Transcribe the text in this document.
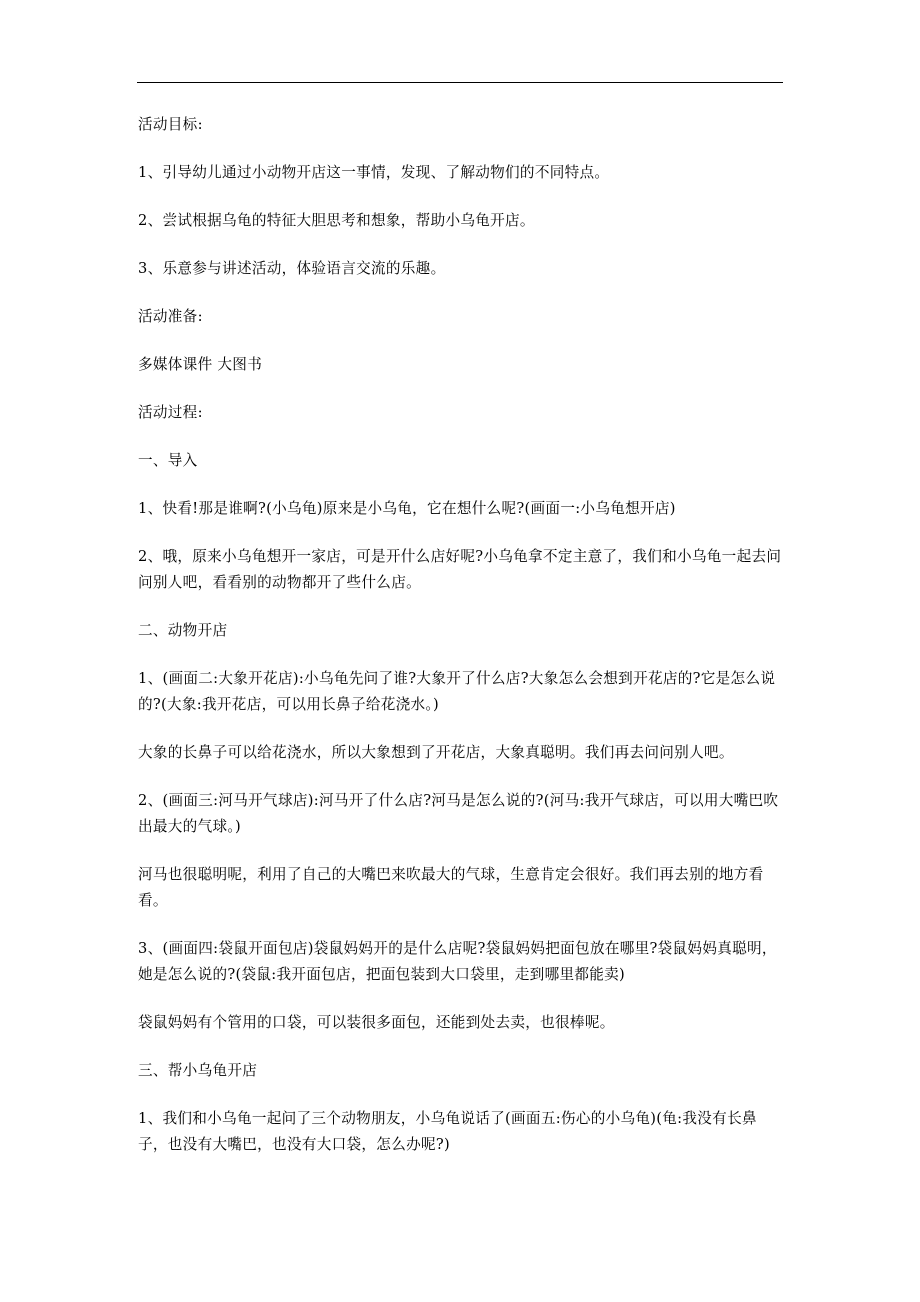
活动目标:

1、引导幼儿通过小动物开店这一事情，发现、了解动物们的不同特点。

2、尝试根据乌龟的特征大胆思考和想象，帮助小乌龟开店。

3、乐意参与讲述活动，体验语言交流的乐趣。

活动准备:

多媒体课件 大图书

活动过程:

一、导入

1、快看!那是谁啊?(小乌龟)原来是小乌龟，它在想什么呢?(画面一:小乌龟想开店)

2、哦，原来小乌龟想开一家店，可是开什么店好呢?小乌龟拿不定主意了，我们和小乌龟一起去问问别人吧，看看别的动物都开了些什么店。

二、动物开店

1、(画面二:大象开花店):小乌龟先问了谁?大象开了什么店?大象怎么会想到开花店的?它是怎么说的?(大象:我开花店，可以用长鼻子给花浇水。)

大象的长鼻子可以给花浇水，所以大象想到了开花店，大象真聪明。我们再去问问别人吧。

2、(画面三:河马开气球店):河马开了什么店?河马是怎么说的?(河马:我开气球店，可以用大嘴巴吹出最大的气球。)

河马也很聪明呢，利用了自己的大嘴巴来吹最大的气球，生意肯定会很好。我们再去别的地方看看。

3、(画面四:袋鼠开面包店)袋鼠妈妈开的是什么店呢?袋鼠妈妈把面包放在哪里?袋鼠妈妈真聪明，她是怎么说的?(袋鼠:我开面包店，把面包装到大口袋里，走到哪里都能卖)

袋鼠妈妈有个管用的口袋，可以装很多面包，还能到处去卖，也很棒呢。

三、帮小乌龟开店

1、我们和小乌龟一起问了三个动物朋友，小乌龟说话了(画面五:伤心的小乌龟)(龟:我没有长鼻子，也没有大嘴巴，也没有大口袋，怎么办呢?)
